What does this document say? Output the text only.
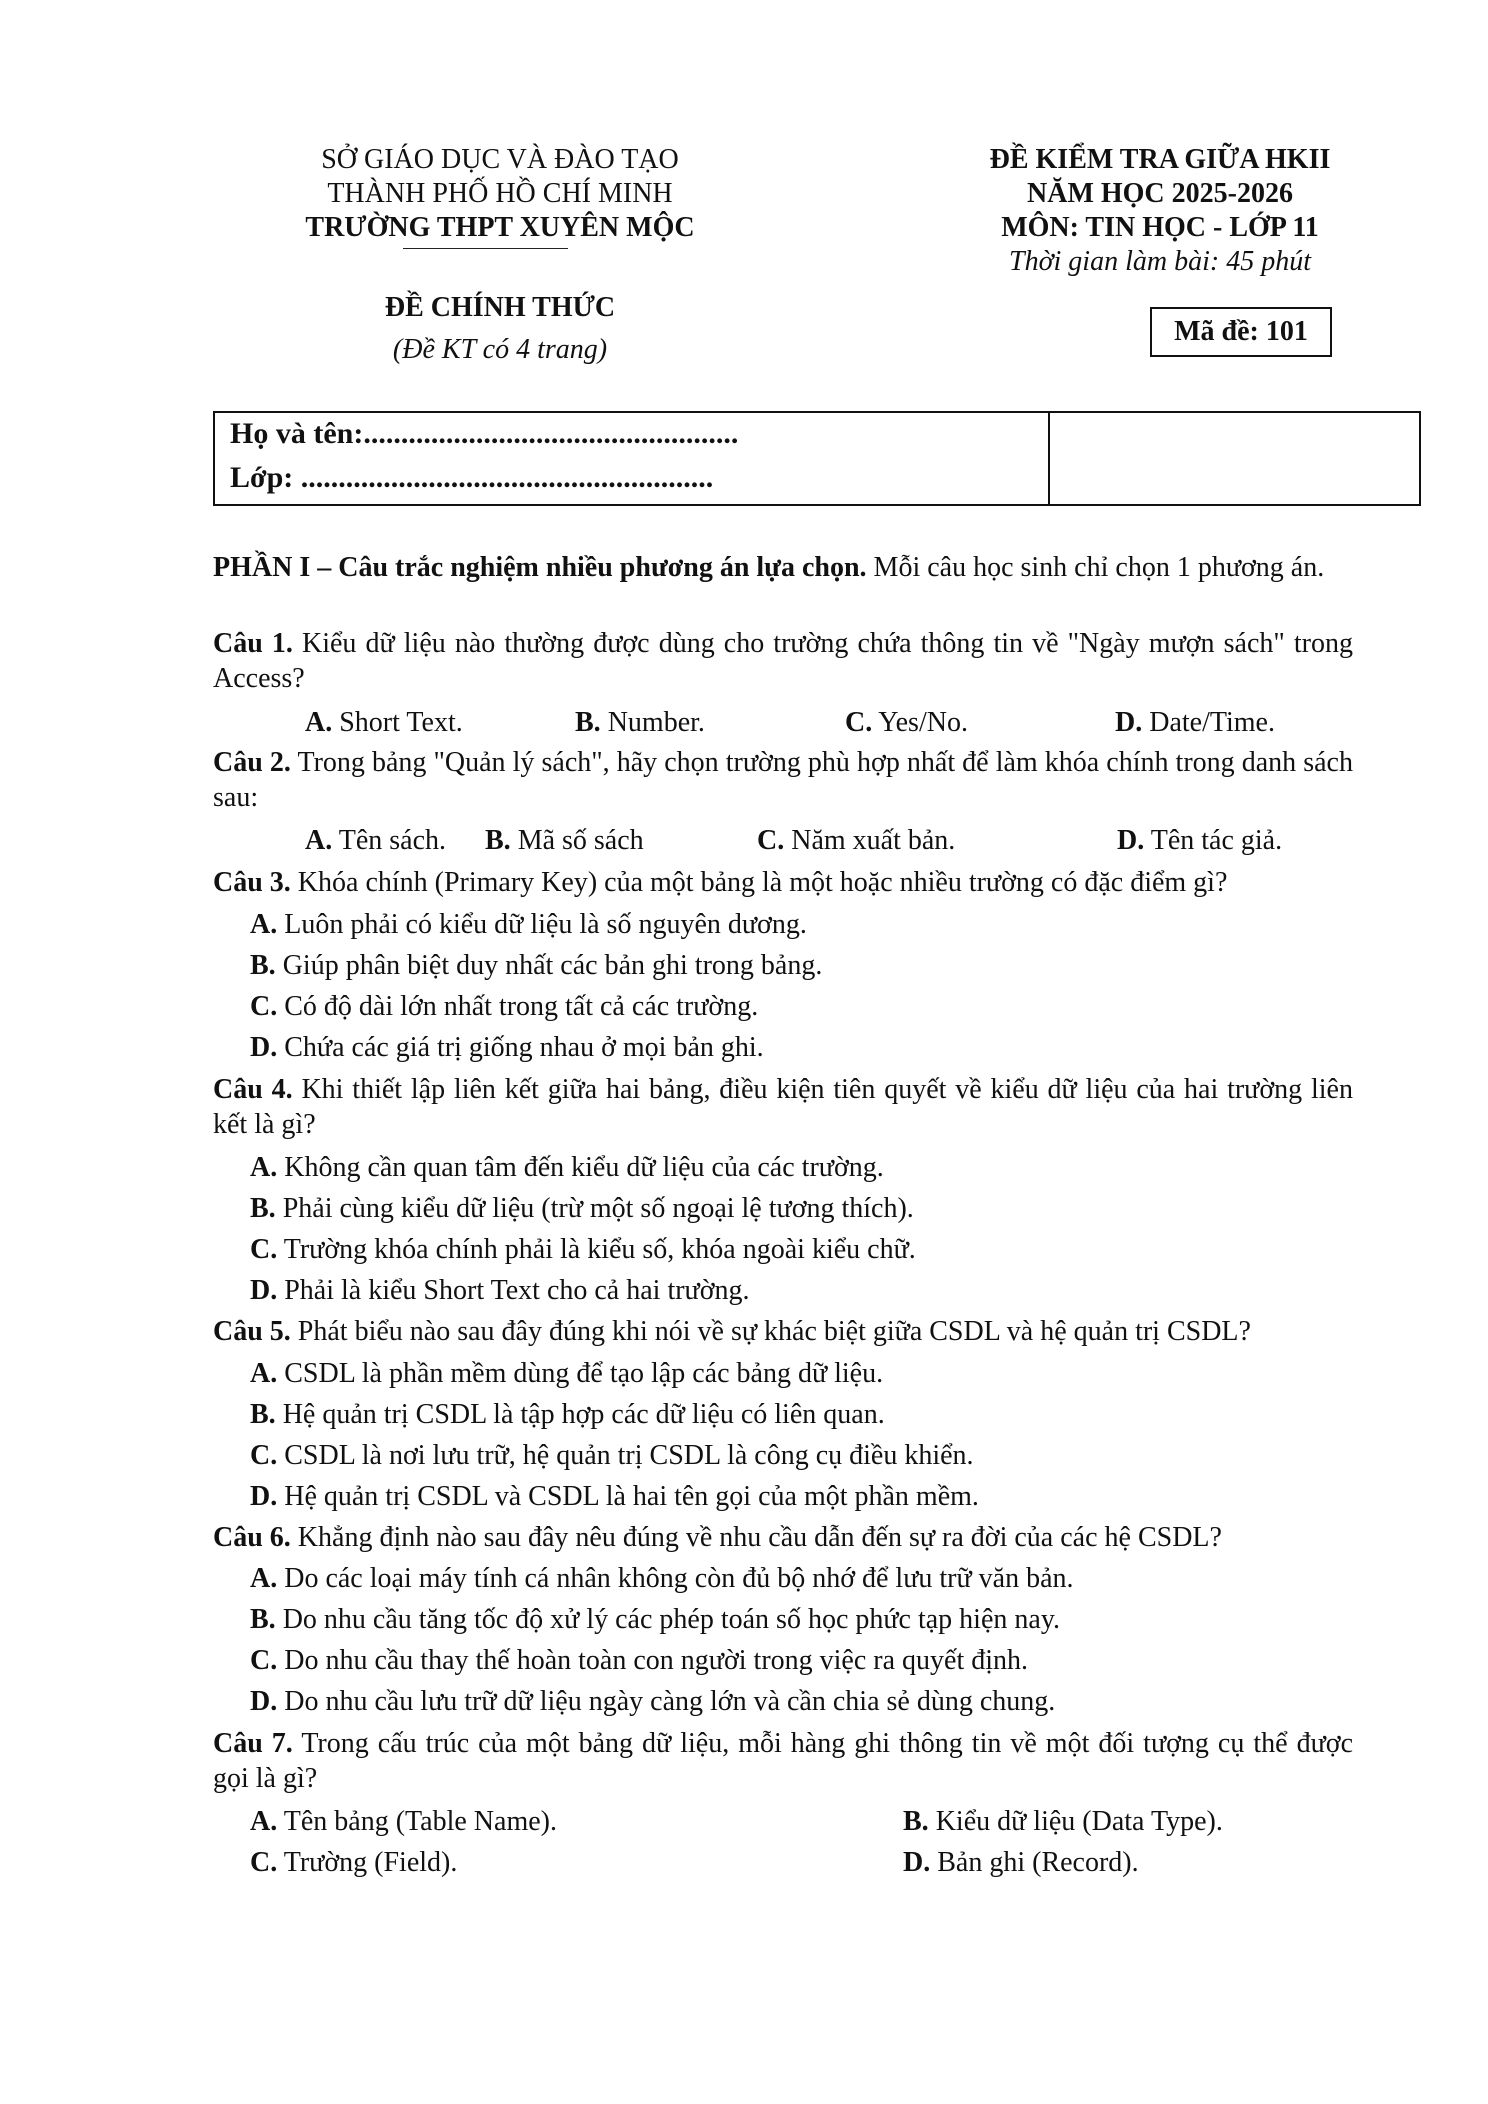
SỞ GIÁO DỤC VÀ ĐÀO TẠO
THÀNH PHỐ HỒ CHÍ MINH
TRƯỜNG THPT XUYÊN MỘC
ĐỀ CHÍNH THỨC
(Đề KT có 4 trang)
ĐỀ KIỂM TRA GIỮA HKII
NĂM HỌC 2025-2026
MÔN: TIN HỌC - LỚP 11
Thời gian làm bài: 45 phút
Mã đề: 101
Họ và tên:..................................................
Lớp: .......................................................
PHẦN I – Câu trắc nghiệm nhiều phương án lựa chọn. Mỗi câu học sinh chỉ chọn 1 phương án.
Câu 1. Kiểu dữ liệu nào thường được dùng cho trường chứa thông tin về "Ngày mượn sách" trong Access?
A. Short Text.	B. Number.	C. Yes/No.	D. Date/Time.
Câu 2. Trong bảng "Quản lý sách", hãy chọn trường phù hợp nhất để làm khóa chính trong danh sách sau:
A. Tên sách. B. Mã số sách	C. Năm xuất bản.	D. Tên tác giả.
Câu 3. Khóa chính (Primary Key) của một bảng là một hoặc nhiều trường có đặc điểm gì?
A. Luôn phải có kiểu dữ liệu là số nguyên dương.
B. Giúp phân biệt duy nhất các bản ghi trong bảng.
C. Có độ dài lớn nhất trong tất cả các trường.
D. Chứa các giá trị giống nhau ở mọi bản ghi.
Câu 4. Khi thiết lập liên kết giữa hai bảng, điều kiện tiên quyết về kiểu dữ liệu của hai trường liên kết là gì?
A. Không cần quan tâm đến kiểu dữ liệu của các trường.
B. Phải cùng kiểu dữ liệu (trừ một số ngoại lệ tương thích).
C. Trường khóa chính phải là kiểu số, khóa ngoài kiểu chữ.
D. Phải là kiểu Short Text cho cả hai trường.
Câu 5. Phát biểu nào sau đây đúng khi nói về sự khác biệt giữa CSDL và hệ quản trị CSDL?
A. CSDL là phần mềm dùng để tạo lập các bảng dữ liệu.
B. Hệ quản trị CSDL là tập hợp các dữ liệu có liên quan.
C. CSDL là nơi lưu trữ, hệ quản trị CSDL là công cụ điều khiển.
D. Hệ quản trị CSDL và CSDL là hai tên gọi của một phần mềm.
Câu 6. Khẳng định nào sau đây nêu đúng về nhu cầu dẫn đến sự ra đời của các hệ CSDL?
A. Do các loại máy tính cá nhân không còn đủ bộ nhớ để lưu trữ văn bản.
B. Do nhu cầu tăng tốc độ xử lý các phép toán số học phức tạp hiện nay.
C. Do nhu cầu thay thế hoàn toàn con người trong việc ra quyết định.
D. Do nhu cầu lưu trữ dữ liệu ngày càng lớn và cần chia sẻ dùng chung.
Câu 7. Trong cấu trúc của một bảng dữ liệu, mỗi hàng ghi thông tin về một đối tượng cụ thể được gọi là gì?
A. Tên bảng (Table Name).	B. Kiểu dữ liệu (Data Type).
C. Trường (Field).	D. Bản ghi (Record).
